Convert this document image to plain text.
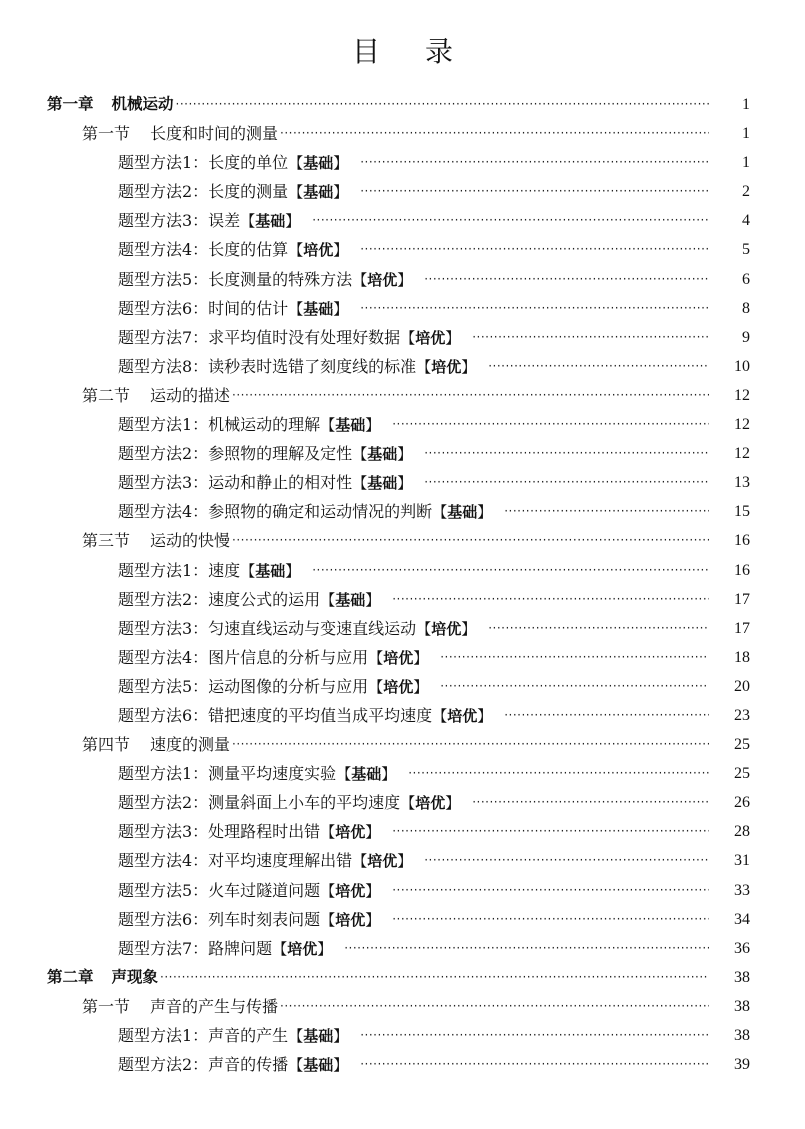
目 录
第一章 机械运动 ·····	1
第一节 长度和时间的测量 ·····	1
题型方法1：长度的单位【基础】 ·····	1
题型方法2：长度的测量【基础】 ·····	2
题型方法3：误差【基础】 ·····	4
题型方法4：长度的估算【培优】 ·····	5
题型方法5：长度测量的特殊方法【培优】 ·····	6
题型方法6：时间的估计【基础】 ·····	8
题型方法7：求平均值时没有处理好数据【培优】 ·····	9
题型方法8：读秒表时选错了刻度线的标准【培优】 ·····	10
第二节 运动的描述 ·····	12
题型方法1：机械运动的理解【基础】 ·····	12
题型方法2：参照物的理解及定性【基础】 ·····	12
题型方法3：运动和静止的相对性【基础】 ·····	13
题型方法4：参照物的确定和运动情况的判断【基础】 ·····	15
第三节 运动的快慢 ·····	16
题型方法1：速度【基础】 ·····	16
题型方法2：速度公式的运用【基础】 ·····	17
题型方法3：匀速直线运动与变速直线运动【培优】 ·····	17
题型方法4：图片信息的分析与应用【培优】 ·····	18
题型方法5：运动图像的分析与应用【培优】 ·····	20
题型方法6：错把速度的平均值当成平均速度【培优】 ·····	23
第四节 速度的测量 ·····	25
题型方法1：测量平均速度实验【基础】 ·····	25
题型方法2：测量斜面上小车的平均速度【培优】 ·····	26
题型方法3：处理路程时出错【培优】 ·····	28
题型方法4：对平均速度理解出错【培优】 ·····	31
题型方法5：火车过隧道问题【培优】 ·····	33
题型方法6：列车时刻表问题【培优】 ·····	34
题型方法7：路牌问题【培优】 ·····	36
第二章 声现象 ·····	38
第一节 声音的产生与传播 ·····	38
题型方法1：声音的产生【基础】 ·····	38
题型方法2：声音的传播【基础】 ·····	39
